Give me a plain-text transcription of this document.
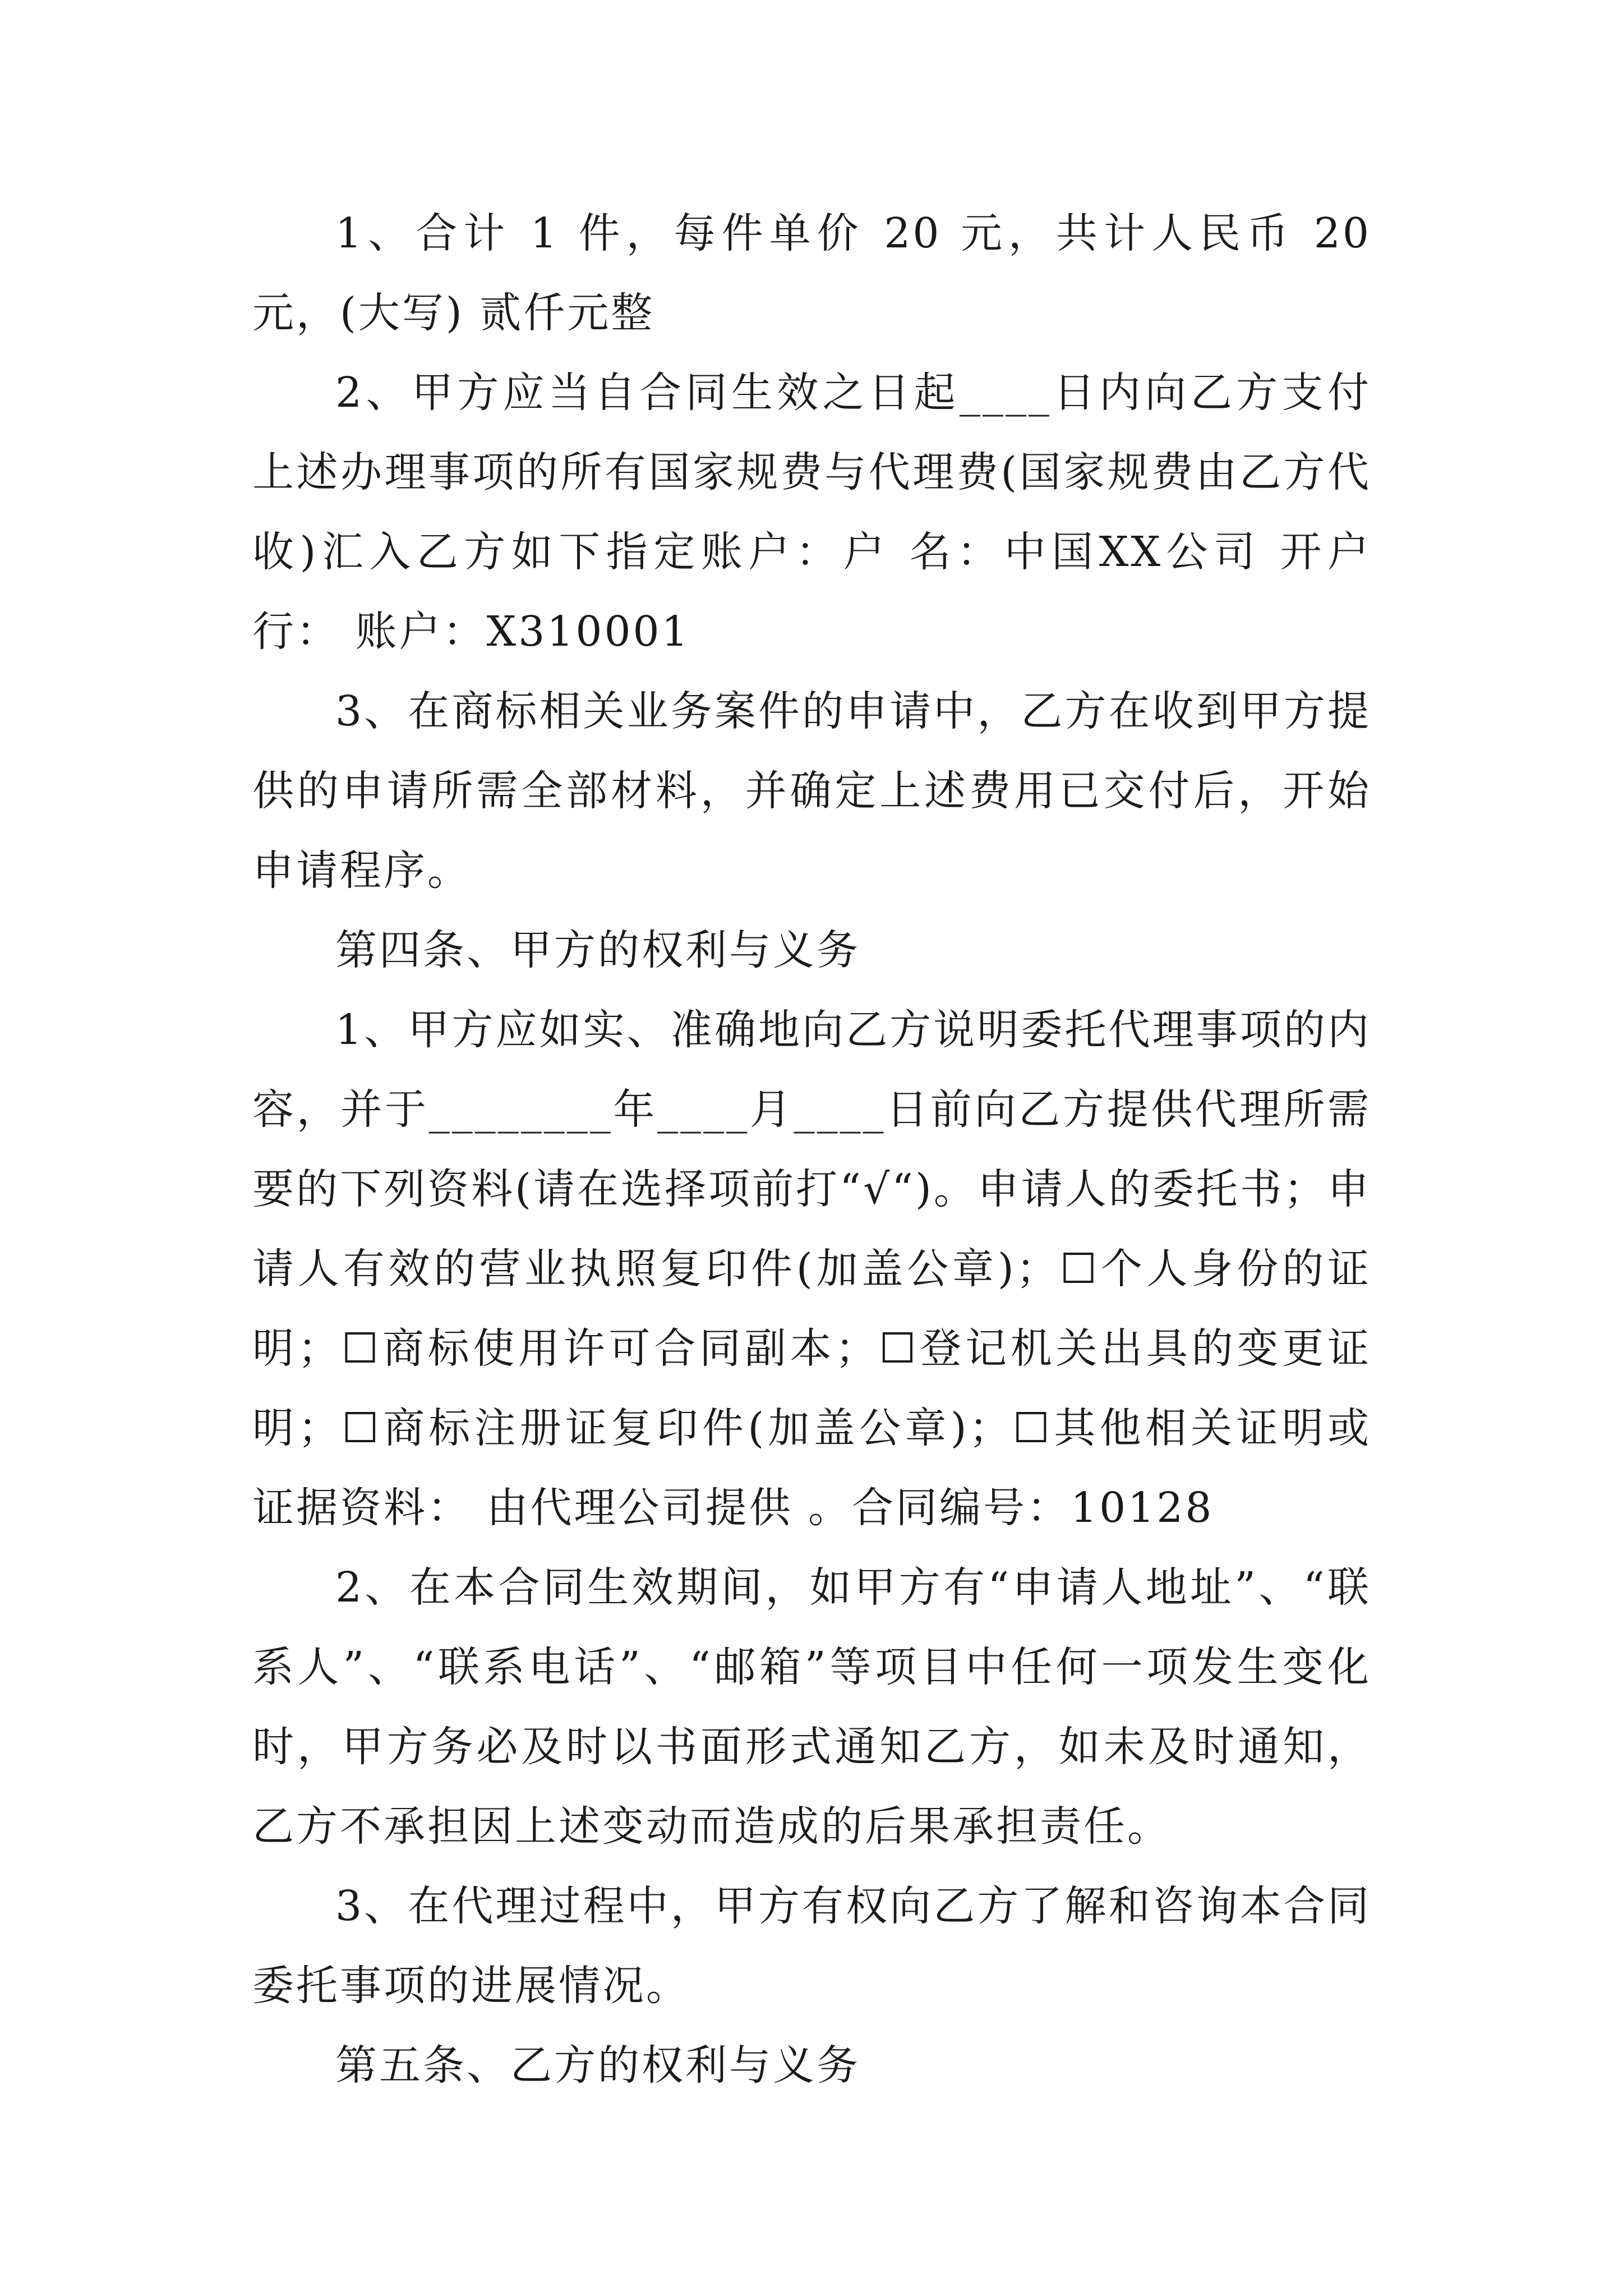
1、合计 1 件，每件单价 20 元，共计人民币 20 元，(大写) 贰仟元整

2、甲方应当自合同生效之日起____日内向乙方支付上述办理事项的所有国家规费与代理费(国家规费由乙方代收)汇入乙方如下指定账户：户 名：中国XX公司 开户行： 账户：X310001

3、在商标相关业务案件的申请中，乙方在收到甲方提供的申请所需全部材料，并确定上述费用已交付后，开始申请程序。

第四条、甲方的权利与义务

1、甲方应如实、准确地向乙方说明委托代理事项的内容，并于________年____月____日前向乙方提供代理所需要的下列资料(请在选择项前打“√“)。申请人的委托书；申请人有效的营业执照复印件(加盖公章)；☐个人身份的证明；☐商标使用许可合同副本；☐登记机关出具的变更证明；☐商标注册证复印件(加盖公章)；☐其他相关证明或证据资料： 由代理公司提供 。合同编号：10128

2、在本合同生效期间，如甲方有“申请人地址”、“联系人”、“联系电话”、“邮箱”等项目中任何一项发生变化时，甲方务必及时以书面形式通知乙方，如未及时通知，乙方不承担因上述变动而造成的后果承担责任。

3、在代理过程中，甲方有权向乙方了解和咨询本合同委托事项的进展情况。

第五条、乙方的权利与义务
